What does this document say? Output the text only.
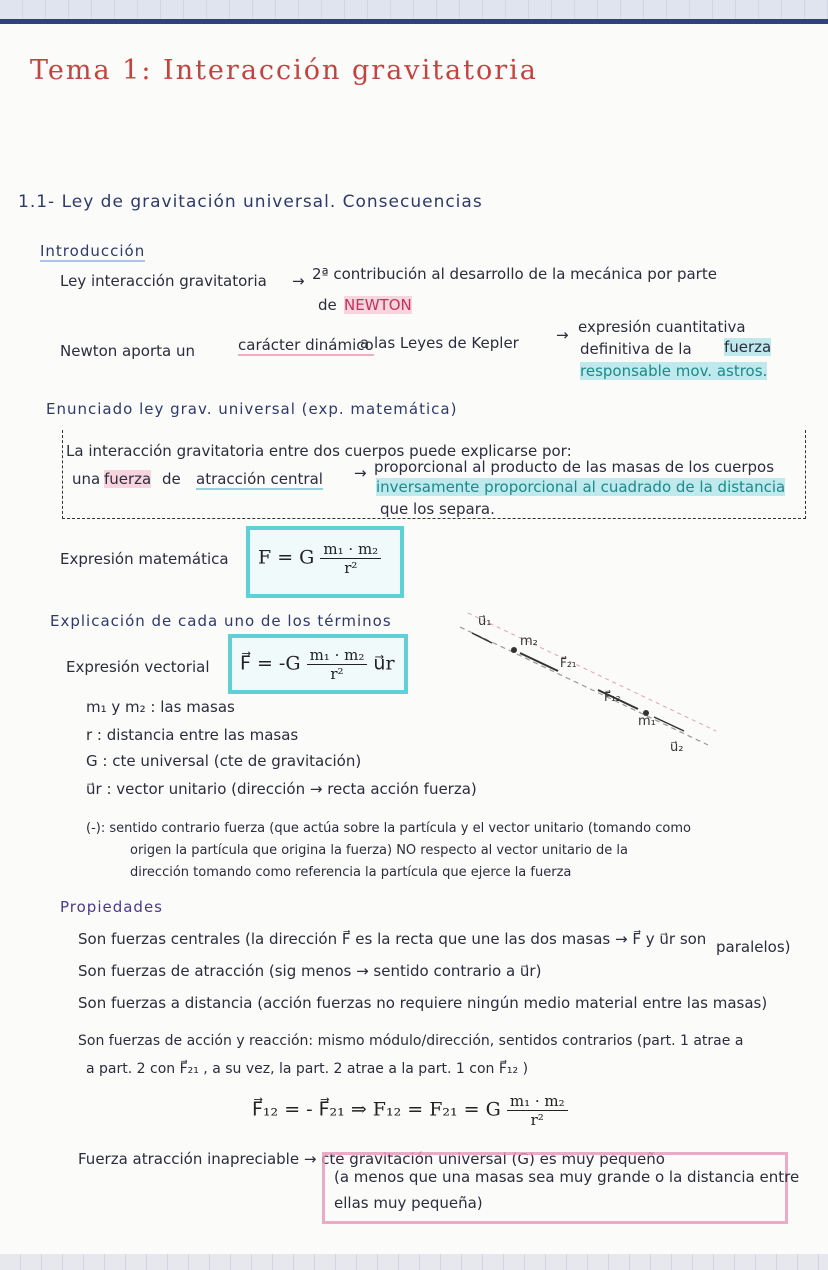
Tema 1: Interacción gravitatoria
1.1- Ley de gravitación universal. Consecuencias
Introducción
Ley interacción gravitatoria → 2ª contribución al desarrollo de la mecánica por parte
de NEWTON
Newton aporta un	carácter dinámico
a las Leyes de Kepler → expresión cuantitativa
definitiva de la fuerza
responsable mov. astros.
Enunciado ley grav. universal (exp. matemática)
La interacción gravitatoria entre dos cuerpos puede explicarse por:
una fuerza de atracción central → proporcional al producto de las masas de los cuerpos
inversamente proporcional al cuadrado de la distancia
que los separa.
Expresión matemática F = G $\frac{\text{m₁ · m₂}}{\text{r²}}$
Explicación de cada uno de los términos
Expresión vectorial F⃗ = $-G \frac{\text{m₁ · m₂}}{\text{r²}}$ u⃗r
m₁ y m₂ : las masas
r : distancia entre las masas
G : cte universal (cte de gravitación)
u⃗r : vector unitario (dirección → recta acción fuerza)
(-): sentido contrario fuerza (que actúa sobre la partícula y el vector unitario (tomando como
origen la partícula que origina la fuerza) NO respecto al vector unitario de la
dirección tomando como referencia la partícula que ejerce la fuerza
u⃗₁
m₂
F⃗₂₁
F⃗₁₂
m₁
u⃗₂
Propiedades
Son fuerzas centrales (la dirección F⃗ es la recta que une las dos masas → F⃗ y u⃗r son paralelos)
Son fuerzas de atracción (sig menos → sentido contrario a u⃗r)
Son fuerzas a distancia (acción fuerzas no requiere ningún medio material entre las masas)
Son fuerzas de acción y reacción: mismo módulo/dirección, sentidos contrarios (part. 1 atrae a
a part. 2 con F⃗₂₁ , a su vez, la part. 2 atrae a la part. 1 con F⃗₁₂ )
F⃗₁₂ = - F⃗₂₁ ⇒ F₁₂ = F₂₁ = G $\frac{\text{m₁ · m₂}}{\text{r²}}$
Fuerza atracción inapreciable → cte gravitación universal (G) es muy pequeño
(a menos que una masas sea muy grande o la distancia entre
ellas muy pequeña)
